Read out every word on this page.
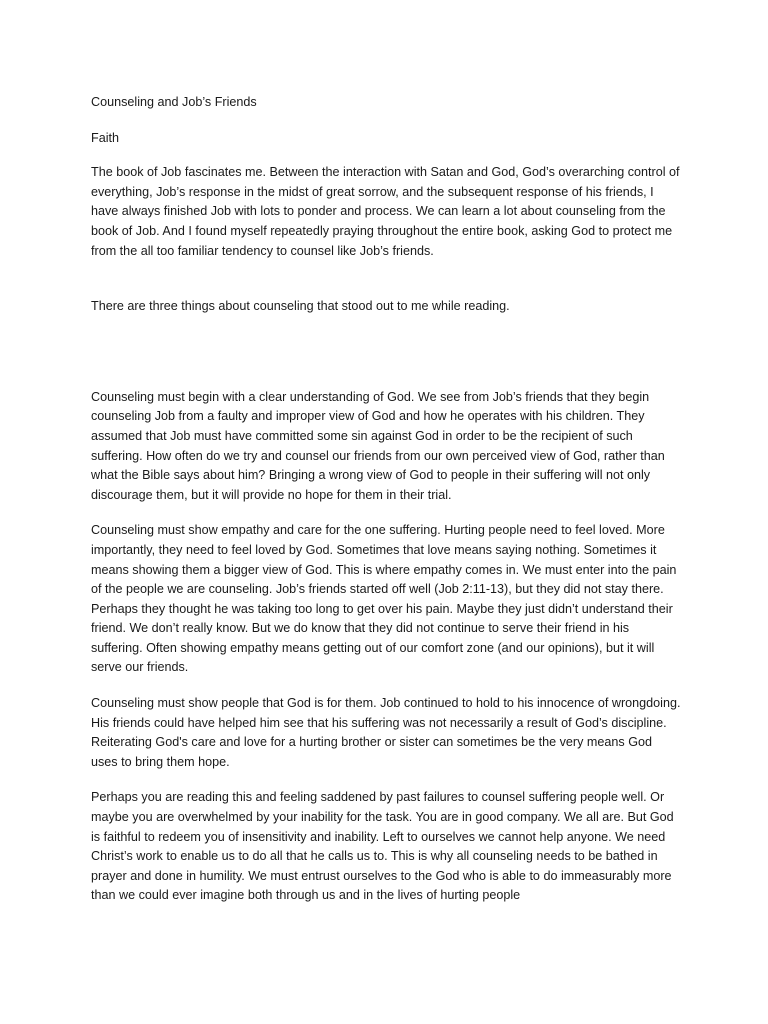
Counseling and Job’s Friends

Faith

The book of Job fascinates me. Between the interaction with Satan and God, God’s overarching control of everything, Job’s response in the midst of great sorrow, and the subsequent response of his friends, I have always finished Job with lots to ponder and process. We can learn a lot about counseling from the book of Job. And I found myself repeatedly praying throughout the entire book, asking God to protect me from the all too familiar tendency to counsel like Job’s friends.

There are three things about counseling that stood out to me while reading.

Counseling must begin with a clear understanding of God. We see from Job’s friends that they begin counseling Job from a faulty and improper view of God and how he operates with his children. They assumed that Job must have committed some sin against God in order to be the recipient of such suffering. How often do we try and counsel our friends from our own perceived view of God, rather than what the Bible says about him? Bringing a wrong view of God to people in their suffering will not only discourage them, but it will provide no hope for them in their trial.

Counseling must show empathy and care for the one suffering. Hurting people need to feel loved. More importantly, they need to feel loved by God. Sometimes that love means saying nothing. Sometimes it means showing them a bigger view of God. This is where empathy comes in. We must enter into the pain of the people we are counseling. Job’s friends started off well (Job 2:11-13), but they did not stay there. Perhaps they thought he was taking too long to get over his pain. Maybe they just didn’t understand their friend. We don’t really know. But we do know that they did not continue to serve their friend in his suffering. Often showing empathy means getting out of our comfort zone (and our opinions), but it will serve our friends.

Counseling must show people that God is for them. Job continued to hold to his innocence of wrongdoing. His friends could have helped him see that his suffering was not necessarily a result of God’s discipline. Reiterating God's care and love for a hurting brother or sister can sometimes be the very means God uses to bring them hope.

Perhaps you are reading this and feeling saddened by past failures to counsel suffering people well. Or maybe you are overwhelmed by your inability for the task. You are in good company. We all are. But God is faithful to redeem you of insensitivity and inability. Left to ourselves we cannot help anyone. We need Christ’s work to enable us to do all that he calls us to. This is why all counseling needs to be bathed in prayer and done in humility. We must entrust ourselves to the God who is able to do immeasurably more than we could ever imagine both through us and in the lives of hurting people
